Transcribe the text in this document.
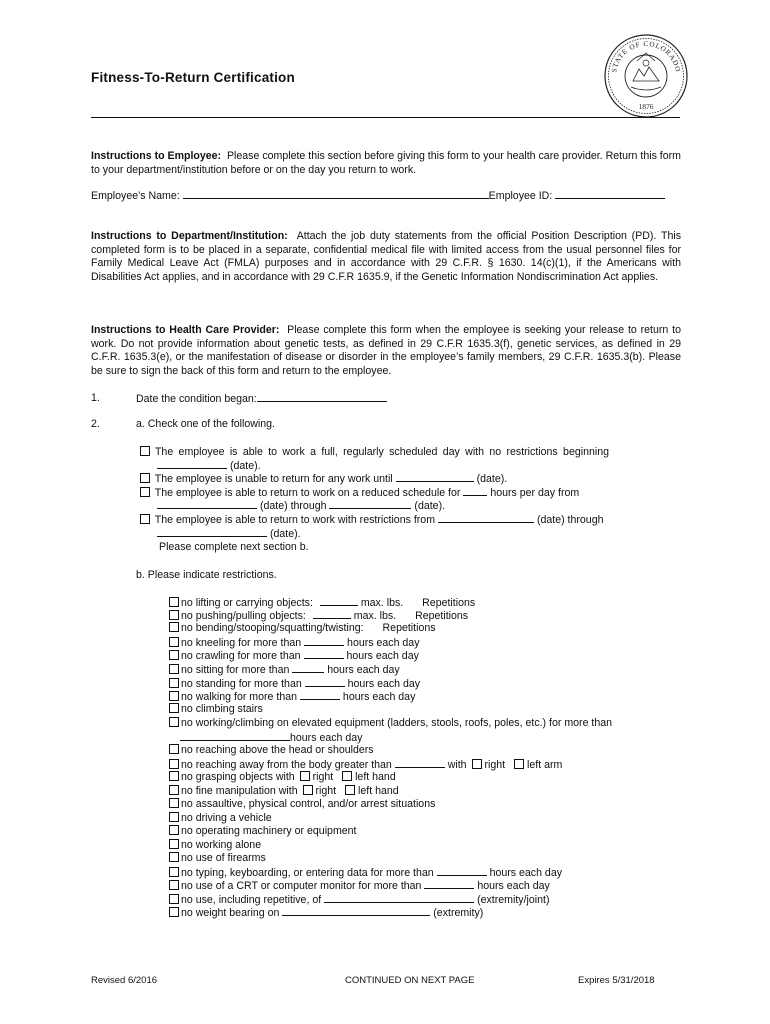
Fitness-To-Return Certification
STATE OF COLORADO
1876
Instructions to Employee: Please complete this section before giving this form to your health care provider. Return this form to your department/institution before or on the day you return to work.
Employee’s Name:	Employee ID:
Instructions to Department/Institution: Attach the job duty statements from the official Position Description (PD). This completed form is to be placed in a separate, confidential medical file with limited access from the usual personnel files for Family Medical Leave Act (FMLA) purposes and in accordance with 29 C.F.R. § 1630. 14(c)(1), if the Americans with Disabilities Act applies, and in accordance with 29 C.F.R 1635.9, if the Genetic Information Nondiscrimination Act applies.
Instructions to Health Care Provider: Please complete this form when the employee is seeking your release to return to work. Do not provide information about genetic tests, as defined in 29 C.F.R 1635.3(f), genetic services, as defined in 29 C.F.R. 1635.3(e), or the manifestation of disease or disorder in the employee’s family members, 29 C.F.R. 1635.3(b). Please be sure to sign the back of this form and return to the employee.
1.	Date the condition began:
2.	a. Check one of the following.
The employee is able to work a full, regularly scheduled day with no restrictions beginning
(date).
The employee is unable to return for any work until	(date).
The employee is able to return to work on a reduced schedule for	hours per day from
(date) through	(date).
The employee is able to return to work with restrictions from	(date) through
(date).
Please complete next section b.
b. Please indicate restrictions.
no lifting or carrying objects:	max. lbs. Repetitions
no pushing/pulling objects:	max. lbs. Repetitions
no bending/stooping/squatting/twisting: Repetitions
no kneeling for more than	hours each day
no crawling for more than	hours each day
no sitting for more than	hours each day
no standing for more than	hours each day
no walking for more than	hours each day
no climbing stairs
no working/climbing on elevated equipment (ladders, stools, roofs, poles, etc.) for more than
hours each day
no reaching above the head or shoulders
no reaching away from the body greater than	with right left arm
no grasping objects with right left hand
no fine manipulation with right left hand
no assaultive, physical control, and/or arrest situations
no driving a vehicle
no operating machinery or equipment
no working alone
no use of firearms
no typing, keyboarding, or entering data for more than	hours each day
no use of a CRT or computer monitor for more than	hours each day
no use, including repetitive, of	(extremity/joint)
no weight bearing on	(extremity)
Revised 6/2016	CONTINUED ON NEXT PAGE	Expires 5/31/2018
